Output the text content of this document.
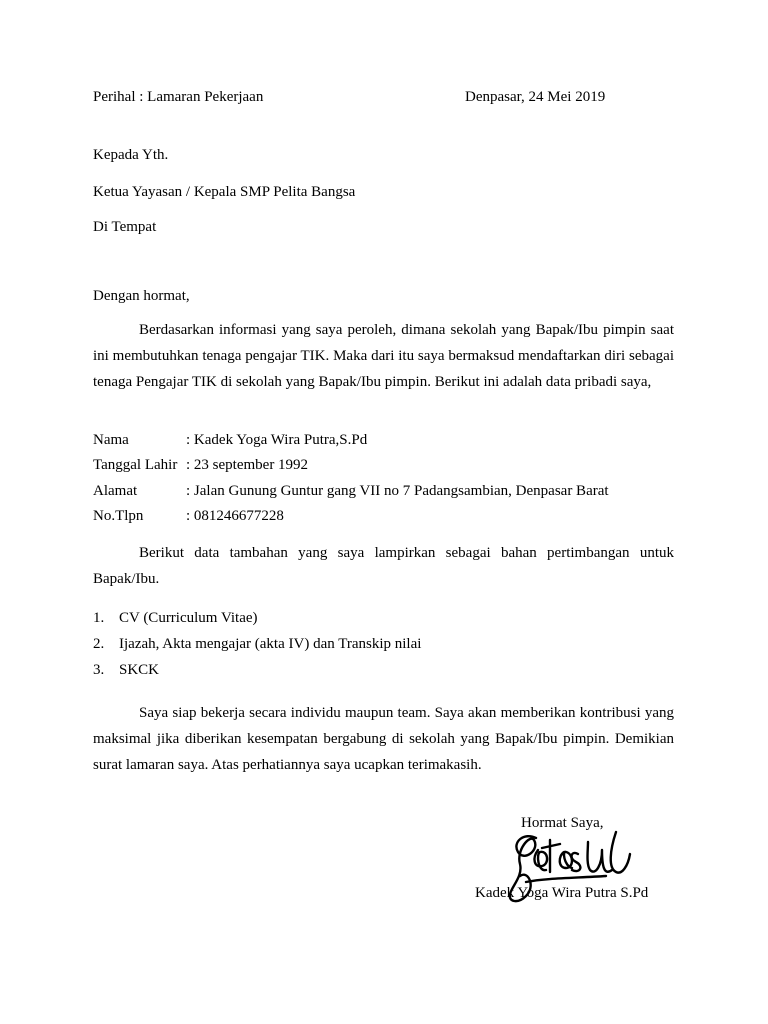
Perihal : Lamaran Pekerjaan	Denpasar, 24 Mei 2019
Kepada Yth.
Ketua Yayasan / Kepala SMP Pelita Bangsa
Di Tempat
Dengan hormat,
Berdasarkan informasi yang saya peroleh, dimana sekolah yang Bapak/Ibu pimpin saat ini membutuhkan tenaga pengajar TIK. Maka dari itu saya bermaksud mendaftarkan diri sebagai tenaga Pengajar TIK di sekolah yang Bapak/Ibu pimpin. Berikut ini adalah data pribadi saya,
Nama	: Kadek Yoga Wira Putra,S.Pd
Tanggal Lahir : 23 september 1992
Alamat	: Jalan Gunung Guntur gang VII no 7 Padangsambian, Denpasar Barat
No.Tlpn	: 081246677228
Berikut data tambahan yang saya lampirkan sebagai bahan pertimbangan untuk Bapak/Ibu.
1. CV (Curriculum Vitae)
2. Ijazah, Akta mengajar (akta IV) dan Transkip nilai
3. SKCK
Saya siap bekerja secara individu maupun team. Saya akan memberikan kontribusi yang maksimal jika diberikan kesempatan bergabung di sekolah yang Bapak/Ibu pimpin. Demikian surat lamaran saya. Atas perhatiannya saya ucapkan terimakasih.
Hormat Saya,
Kadek Yoga Wira Putra S.Pd
